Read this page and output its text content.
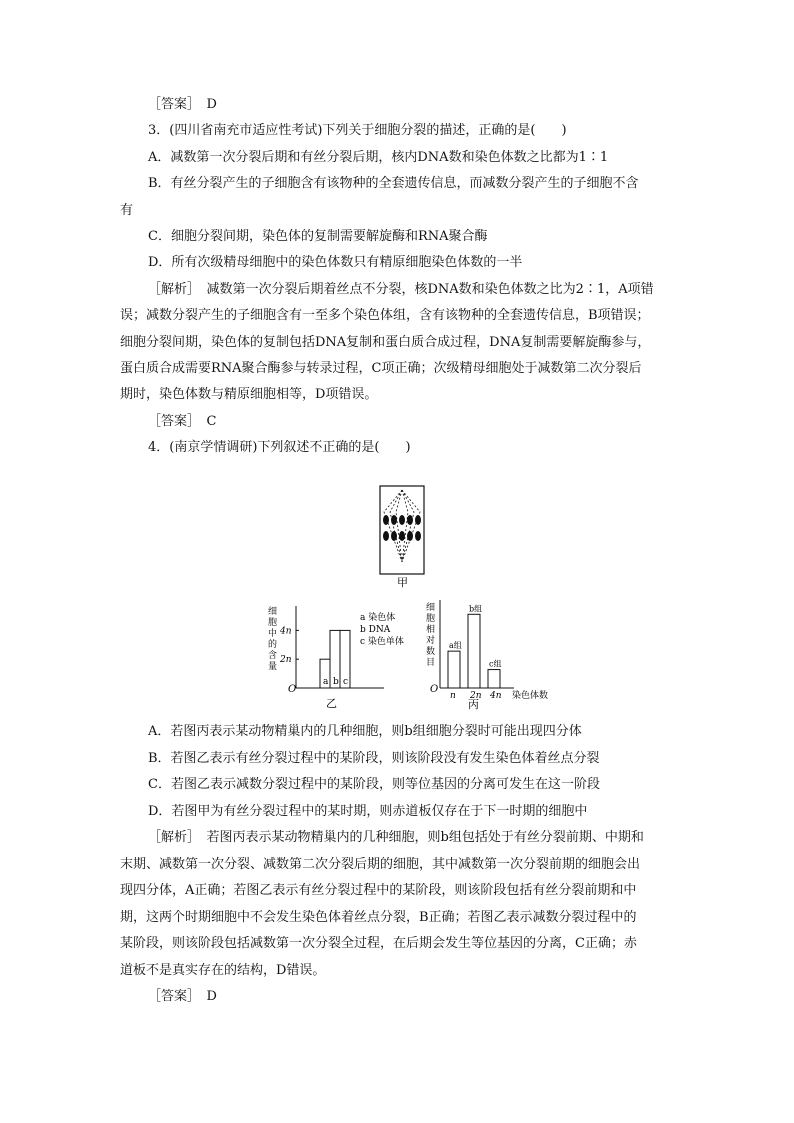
［答案］　D
3．(四川省南充市适应性考试)下列关于细胞分裂的描述，正确的是(　　)
A．减数第一次分裂后期和有丝分裂后期，核内DNA数和染色体数之比都为1∶1
B．有丝分裂产生的子细胞含有该物种的全套遗传信息，而减数分裂产生的子细胞不含
有
C．细胞分裂间期，染色体的复制需要解旋酶和RNA聚合酶
D．所有次级精母细胞中的染色体数只有精原细胞染色体数的一半
［解析］　减数第一次分裂后期着丝点不分裂，核DNA数和染色体数之比为2∶1，A项错
误；减数分裂产生的子细胞含有一至多个染色体组，含有该物种的全套遗传信息，B项错误；
细胞分裂间期，染色体的复制包括DNA复制和蛋白质合成过程，DNA复制需要解旋酶参与，
蛋白质合成需要RNA聚合酶参与转录过程，C项正确；次级精母细胞处于减数第二次分裂后
期时，染色体数与精原细胞相等，D项错误。
［答案］　C
4．(南京学情调研)下列叙述不正确的是(　　)
甲
O
细
胞
中
的
含
量
4n
2n
a b c
a 染色体
b DNA
c 染色单体
乙
O
细
胞
相
对
数
目
a组
n
b组
2n
c组
4n 染色体数
丙
A．若图丙表示某动物精巢内的几种细胞，则b组细胞分裂时可能出现四分体
B．若图乙表示有丝分裂过程中的某阶段，则该阶段没有发生染色体着丝点分裂
C．若图乙表示减数分裂过程中的某阶段，则等位基因的分离可发生在这一阶段
D．若图甲为有丝分裂过程中的某时期，则赤道板仅存在于下一时期的细胞中
［解析］　若图丙表示某动物精巢内的几种细胞，则b组包括处于有丝分裂前期、中期和
末期、减数第一次分裂、减数第二次分裂后期的细胞，其中减数第一次分裂前期的细胞会出
现四分体，A正确；若图乙表示有丝分裂过程中的某阶段，则该阶段包括有丝分裂前期和中
期，这两个时期细胞中不会发生染色体着丝点分裂，B正确；若图乙表示减数分裂过程中的
某阶段，则该阶段包括减数第一次分裂全过程，在后期会发生等位基因的分离，C正确；赤
道板不是真实存在的结构，D错误。
［答案］　D
